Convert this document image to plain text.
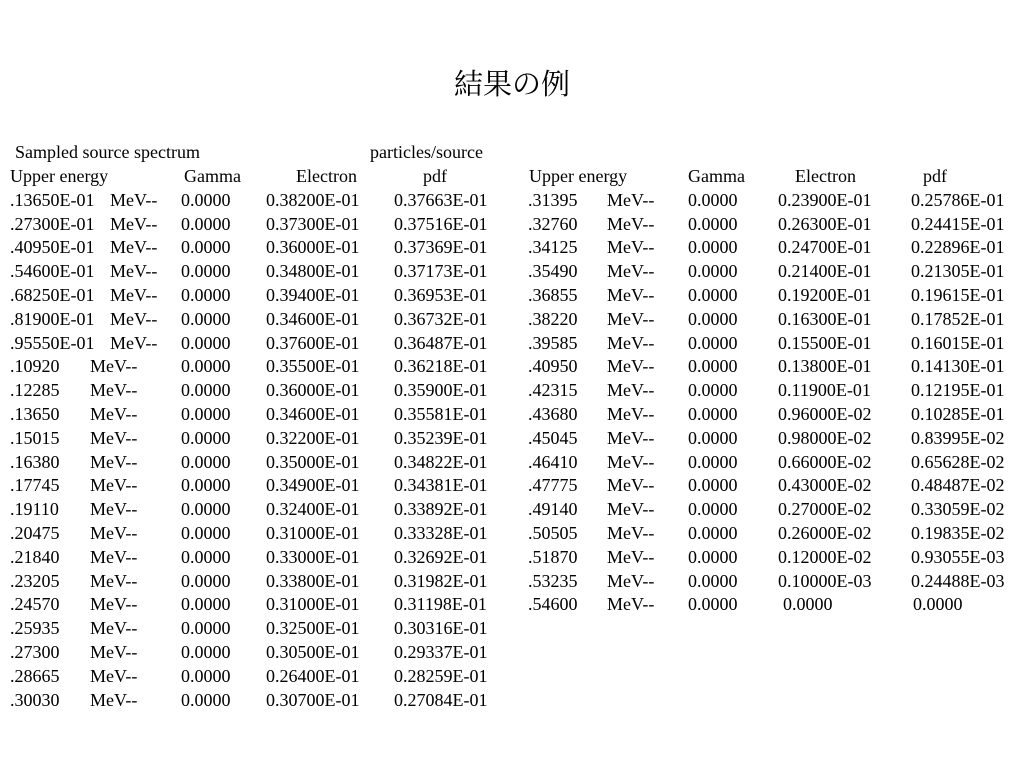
結果の例
Sampled source spectrum	particles/source
Upper energy	Gamma	Electron	pdf
.13650E-01 MeV-- 0.0000 0.38200E-01 0.37663E-01
.27300E-01 MeV-- 0.0000 0.37300E-01 0.37516E-01
.40950E-01 MeV-- 0.0000 0.36000E-01 0.37369E-01
.54600E-01 MeV-- 0.0000 0.34800E-01 0.37173E-01
.68250E-01 MeV-- 0.0000 0.39400E-01 0.36953E-01
.81900E-01 MeV-- 0.0000 0.34600E-01 0.36732E-01
.95550E-01 MeV-- 0.0000 0.37600E-01 0.36487E-01
.10920 MeV-- 0.0000 0.35500E-01 0.36218E-01
.12285 MeV-- 0.0000 0.36000E-01 0.35900E-01
.13650 MeV-- 0.0000 0.34600E-01 0.35581E-01
.15015 MeV-- 0.0000 0.32200E-01 0.35239E-01
.16380 MeV-- 0.0000 0.35000E-01 0.34822E-01
.17745 MeV-- 0.0000 0.34900E-01 0.34381E-01
.19110 MeV-- 0.0000 0.32400E-01 0.33892E-01
.20475 MeV-- 0.0000 0.31000E-01 0.33328E-01
.21840 MeV-- 0.0000 0.33000E-01 0.32692E-01
.23205 MeV-- 0.0000 0.33800E-01 0.31982E-01
.24570 MeV-- 0.0000 0.31000E-01 0.31198E-01
.25935 MeV-- 0.0000 0.32500E-01 0.30316E-01
.27300 MeV-- 0.0000 0.30500E-01 0.29337E-01
.28665 MeV-- 0.0000 0.26400E-01 0.28259E-01
.30030 MeV-- 0.0000 0.30700E-01 0.27084E-01
Upper energy	Gamma	Electron	pdf
.31395 MeV-- 0.0000 0.23900E-01 0.25786E-01
.32760 MeV-- 0.0000 0.26300E-01 0.24415E-01
.34125 MeV-- 0.0000 0.24700E-01 0.22896E-01
.35490 MeV-- 0.0000 0.21400E-01 0.21305E-01
.36855 MeV-- 0.0000 0.19200E-01 0.19615E-01
.38220 MeV-- 0.0000 0.16300E-01 0.17852E-01
.39585 MeV-- 0.0000 0.15500E-01 0.16015E-01
.40950 MeV-- 0.0000 0.13800E-01 0.14130E-01
.42315 MeV-- 0.0000 0.11900E-01 0.12195E-01
.43680 MeV-- 0.0000 0.96000E-02 0.10285E-01
.45045 MeV-- 0.0000 0.98000E-02 0.83995E-02
.46410 MeV-- 0.0000 0.66000E-02 0.65628E-02
.47775 MeV-- 0.0000 0.43000E-02 0.48487E-02
.49140 MeV-- 0.0000 0.27000E-02 0.33059E-02
.50505 MeV-- 0.0000 0.26000E-02 0.19835E-02
.51870 MeV-- 0.0000 0.12000E-02 0.93055E-03
.53235 MeV-- 0.0000 0.10000E-03 0.24488E-03
.54600 MeV-- 0.0000	0.0000	0.0000
